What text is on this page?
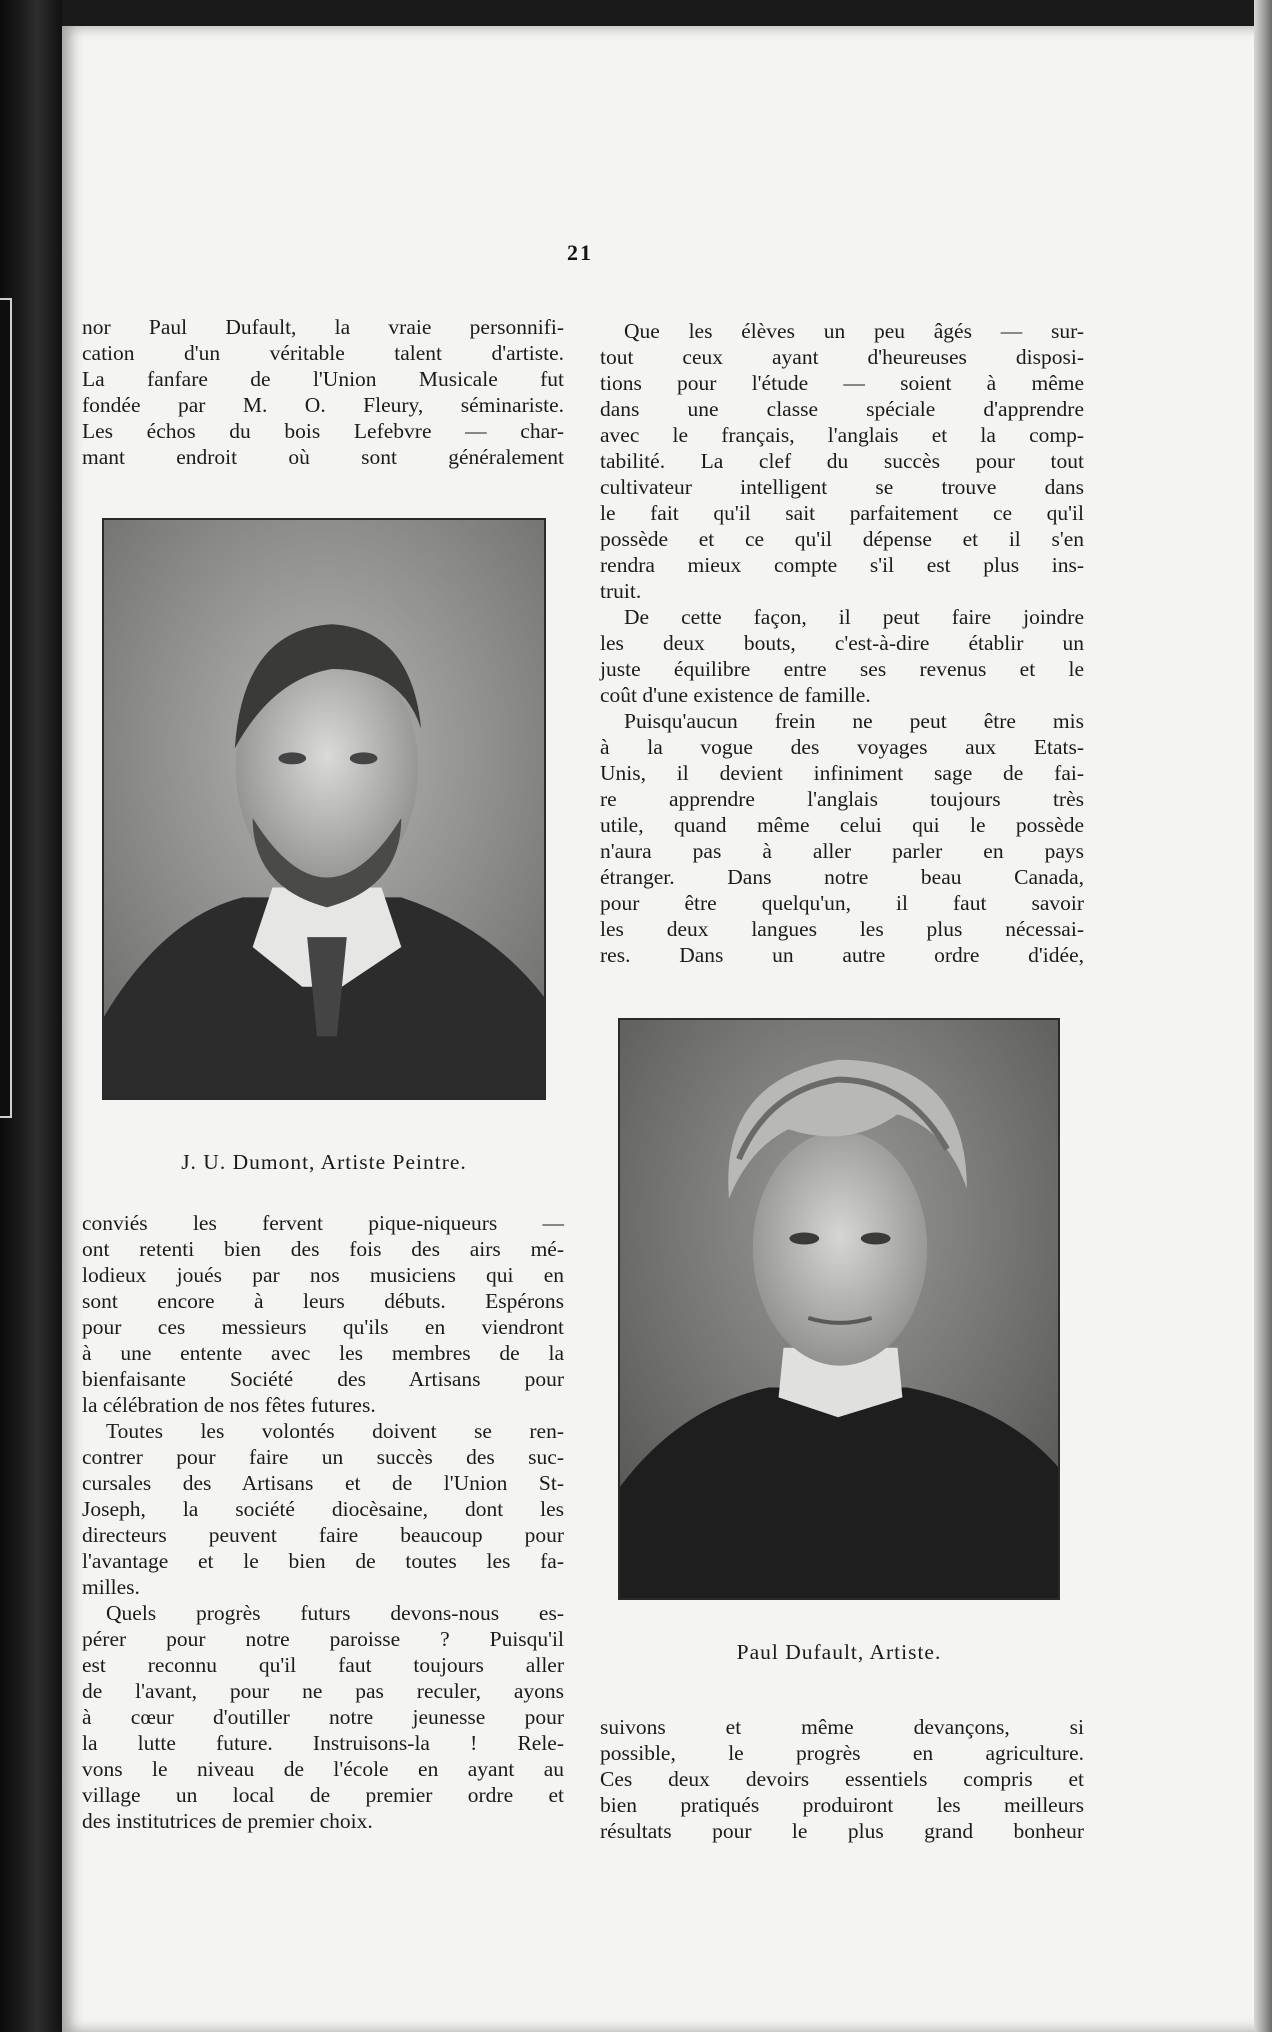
21

nor Paul Dufault, la vraie personnifi-

cation d'un véritable talent d'artiste.

La fanfare de l'Union Musicale fut

fondée par M. O. Fleury, séminariste.

Les échos du bois Lefebvre — char-

mant endroit où sont généralement

J. U. Dumont, Artiste Peintre.

conviés les fervent pique-niqueurs —

ont retenti bien des fois des airs mé-

lodieux joués par nos musiciens qui en

sont encore à leurs débuts. Espérons

pour ces messieurs qu'ils en viendront

à une entente avec les membres de la

bienfaisante Société des Artisans pour

la célébration de nos fêtes futures.

Toutes les volontés doivent se ren-

contrer pour faire un succès des suc-

cursales des Artisans et de l'Union St-

Joseph, la société diocèsaine, dont les

directeurs peuvent faire beaucoup pour

l'avantage et le bien de toutes les fa-

milles.

Quels progrès futurs devons-nous es-

pérer pour notre paroisse ? Puisqu'il

est reconnu qu'il faut toujours aller

de l'avant, pour ne pas reculer, ayons

à cœur d'outiller notre jeunesse pour

la lutte future. Instruisons-la ! Rele-

vons le niveau de l'école en ayant au

village un local de premier ordre et

des institutrices de premier choix.

Que les élèves un peu âgés — sur-

tout ceux ayant d'heureuses disposi-

tions pour l'étude — soient à même

dans une classe spéciale d'apprendre

avec le français, l'anglais et la comp-

tabilité. La clef du succès pour tout

cultivateur intelligent se trouve dans

le fait qu'il sait parfaitement ce qu'il

possède et ce qu'il dépense et il s'en

rendra mieux compte s'il est plus ins-

truit.

De cette façon, il peut faire joindre

les deux bouts, c'est-à-dire établir un

juste équilibre entre ses revenus et le

coût d'une existence de famille.

Puisqu'aucun frein ne peut être mis

à la vogue des voyages aux Etats-

Unis, il devient infiniment sage de fai-

re apprendre l'anglais toujours très

utile, quand même celui qui le possède

n'aura pas à aller parler en pays

étranger. Dans notre beau Canada,

pour être quelqu'un, il faut savoir

les deux langues les plus nécessai-

res. Dans un autre ordre d'idée,

Paul Dufault, Artiste.

suivons et même devançons, si

possible, le progrès en agriculture.

Ces deux devoirs essentiels compris et

bien pratiqués produiront les meilleurs

résultats pour le plus grand bonheur
